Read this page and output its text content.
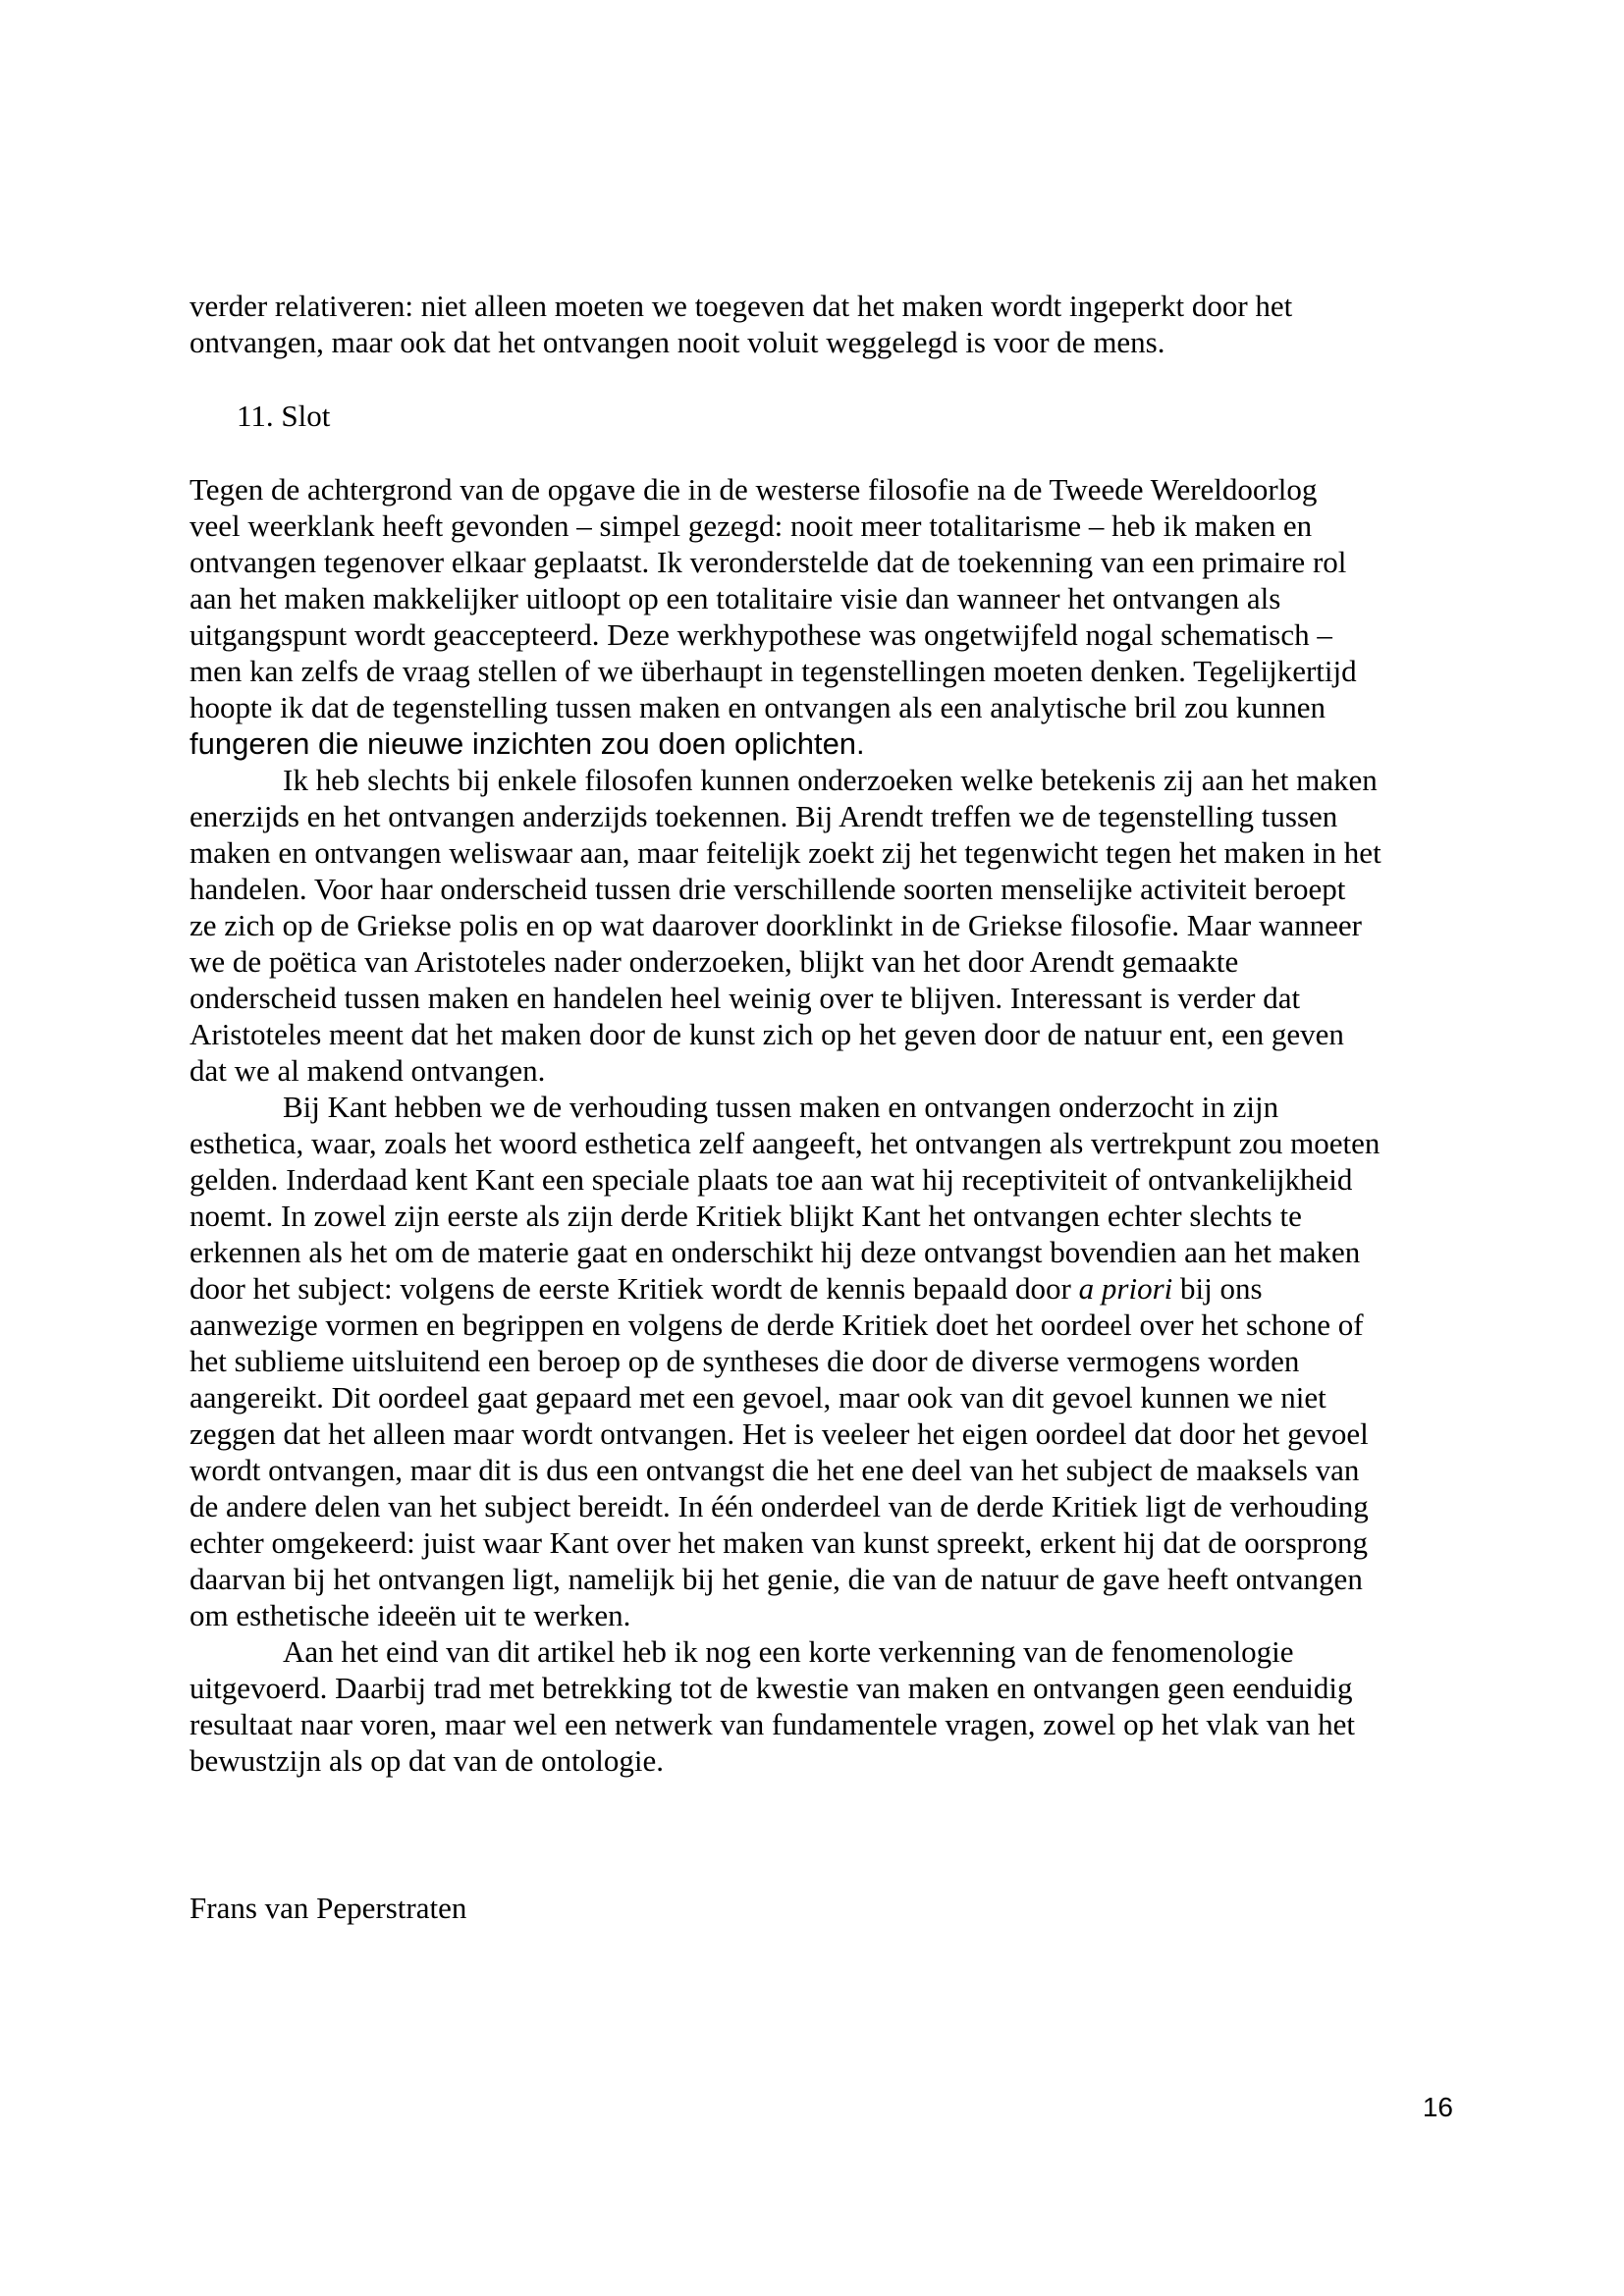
verder relativeren: niet alleen moeten we toegeven dat het maken wordt ingeperkt door het
ontvangen, maar ook dat het ontvangen nooit voluit weggelegd is voor de mens.
11. Slot
Tegen de achtergrond van de opgave die in de westerse filosofie na de Tweede Wereldoorlog
veel weerklank heeft gevonden – simpel gezegd: nooit meer totalitarisme – heb ik maken en
ontvangen tegenover elkaar geplaatst. Ik veronderstelde dat de toekenning van een primaire rol
aan het maken makkelijker uitloopt op een totalitaire visie dan wanneer het ontvangen als
uitgangspunt wordt geaccepteerd. Deze werkhypothese was ongetwijfeld nogal schematisch –
men kan zelfs de vraag stellen of we überhaupt in tegenstellingen moeten denken. Tegelijkertijd
hoopte ik dat de tegenstelling tussen maken en ontvangen als een analytische bril zou kunnen
fungeren die nieuwe inzichten zou doen oplichten.
Ik heb slechts bij enkele filosofen kunnen onderzoeken welke betekenis zij aan het maken
enerzijds en het ontvangen anderzijds toekennen. Bij Arendt treffen we de tegenstelling tussen
maken en ontvangen weliswaar aan, maar feitelijk zoekt zij het tegenwicht tegen het maken in het
handelen. Voor haar onderscheid tussen drie verschillende soorten menselijke activiteit beroept
ze zich op de Griekse polis en op wat daarover doorklinkt in de Griekse filosofie. Maar wanneer
we de poëtica van Aristoteles nader onderzoeken, blijkt van het door Arendt gemaakte
onderscheid tussen maken en handelen heel weinig over te blijven. Interessant is verder dat
Aristoteles meent dat het maken door de kunst zich op het geven door de natuur ent, een geven
dat we al makend ontvangen.
Bij Kant hebben we de verhouding tussen maken en ontvangen onderzocht in zijn
esthetica, waar, zoals het woord esthetica zelf aangeeft, het ontvangen als vertrekpunt zou moeten
gelden. Inderdaad kent Kant een speciale plaats toe aan wat hij receptiviteit of ontvankelijkheid
noemt. In zowel zijn eerste als zijn derde Kritiek blijkt Kant het ontvangen echter slechts te
erkennen als het om de materie gaat en onderschikt hij deze ontvangst bovendien aan het maken
door het subject: volgens de eerste Kritiek wordt de kennis bepaald door a priori bij ons
aanwezige vormen en begrippen en volgens de derde Kritiek doet het oordeel over het schone of
het sublieme uitsluitend een beroep op de syntheses die door de diverse vermogens worden
aangereikt. Dit oordeel gaat gepaard met een gevoel, maar ook van dit gevoel kunnen we niet
zeggen dat het alleen maar wordt ontvangen. Het is veeleer het eigen oordeel dat door het gevoel
wordt ontvangen, maar dit is dus een ontvangst die het ene deel van het subject de maaksels van
de andere delen van het subject bereidt. In één onderdeel van de derde Kritiek ligt de verhouding
echter omgekeerd: juist waar Kant over het maken van kunst spreekt, erkent hij dat de oorsprong
daarvan bij het ontvangen ligt, namelijk bij het genie, die van de natuur de gave heeft ontvangen
om esthetische ideeën uit te werken.
Aan het eind van dit artikel heb ik nog een korte verkenning van de fenomenologie
uitgevoerd. Daarbij trad met betrekking tot de kwestie van maken en ontvangen geen eenduidig
resultaat naar voren, maar wel een netwerk van fundamentele vragen, zowel op het vlak van het
bewustzijn als op dat van de ontologie.
Frans van Peperstraten
16
